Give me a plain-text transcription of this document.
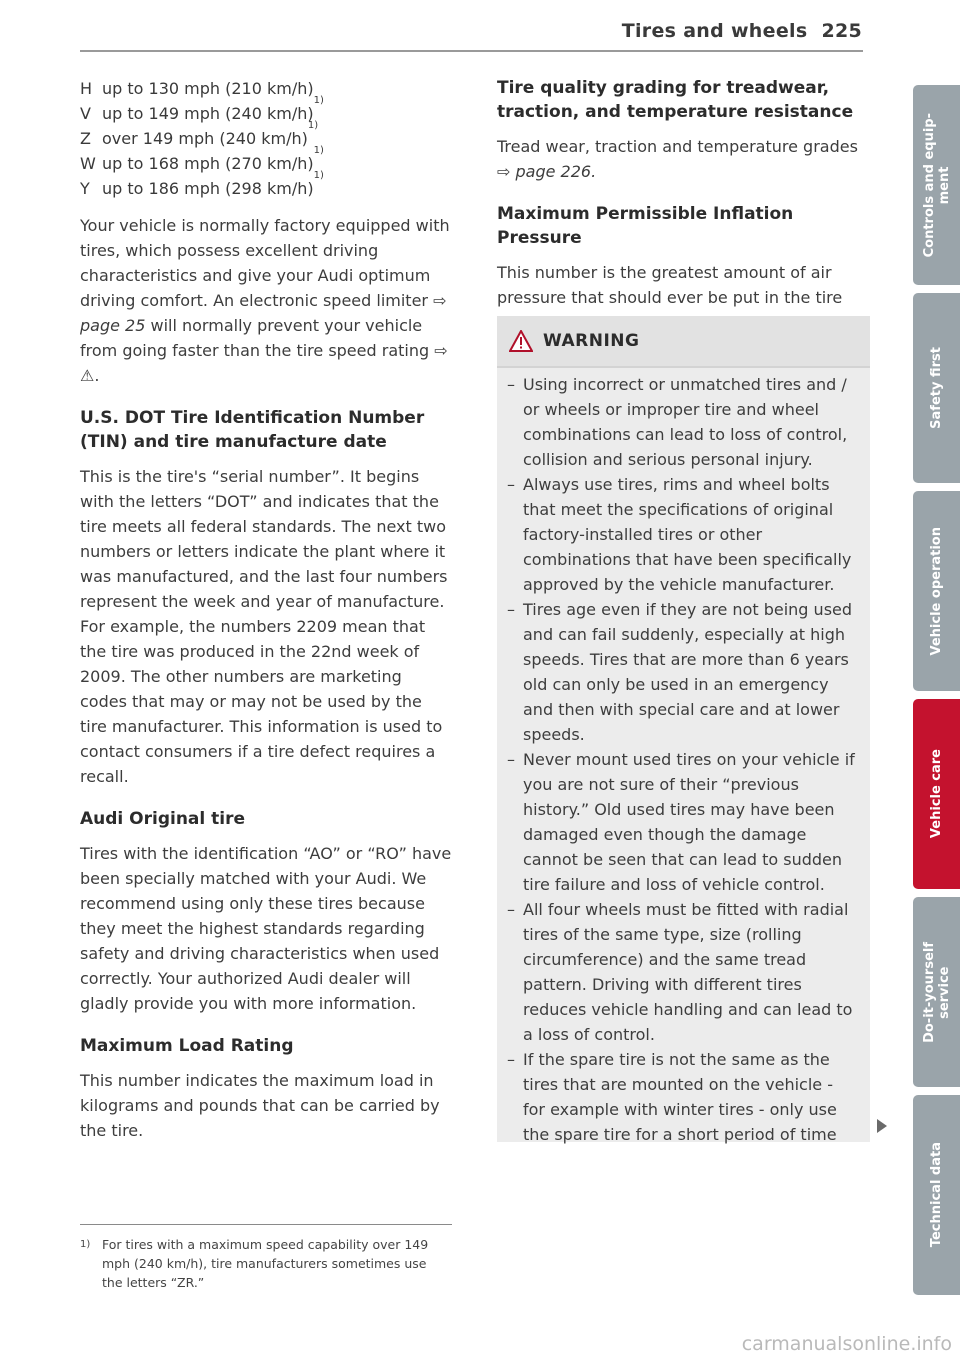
Tires and wheels 225
H up to 130 mph (210 km/h)
V up to 149 mph (240 km/h)
1)
Z over 149 mph (240 km/h)
1)
W up to 168 mph (270 km/h)
1)
Y up to 186 mph (298 km/h)
1)

Your vehicle is normally factory equipped with tires, which possess excellent driving characteristics and give your Audi optimum driving comfort. An electronic speed limiter ⇨ page 25 will normally prevent your vehicle from going faster than the tire speed rating ⇨ ⚠.

U.S. DOT Tire Identification Number (TIN) and tire manufacture date

This is the tire's “serial number”. It begins with the letters “DOT” and indicates that the tire meets all federal standards. The next two numbers or letters indicate the plant where it was manufactured, and the last four numbers represent the week and year of manufacture. For example, the numbers 2209 mean that the tire was produced in the 22nd week of 2009. The other numbers are marketing codes that may or may not be used by the tire manufacturer. This information is used to contact consumers if a tire defect requires a recall.

Audi Original tire

Tires with the identification “AO” or “RO” have been specially matched with your Audi. We recommend using only these tires because they meet the highest standards regarding safety and driving characteristics when used correctly. Your authorized Audi dealer will gladly provide you with more information.

Maximum Load Rating

This number indicates the maximum load in kilograms and pounds that can be carried by the tire.

1) For tires with a maximum speed capability over 149 mph (240 km/h), tire manufacturers sometimes use the letters “ZR.”
Tire quality grading for treadwear, traction, and temperature resistance

Tread wear, traction and temperature grades
⇨ page 226.

Maximum Permissible Inflation Pressure

This number is the greatest amount of air pressure that should ever be put in the tire

WARNING
– Using incorrect or unmatched tires and / or wheels or improper tire and wheel combinations can lead to loss of control, collision and serious personal injury.
– Always use tires, rims and wheel bolts that meet the specifications of original factory-installed tires or other combinations that have been specifically approved by the vehicle manufacturer.
– Tires age even if they are not being used and can fail suddenly, especially at high speeds. Tires that are more than 6 years old can only be used in an emergency and then with special care and at lower speeds.
– Never mount used tires on your vehicle if you are not sure of their “previous history.” Old used tires may have been damaged even though the damage cannot be seen that can lead to sudden tire failure and loss of vehicle control.
– All four wheels must be fitted with radial tires of the same type, size (rolling circumference) and the same tread pattern. Driving with different tires reduces vehicle handling and can lead to a loss of control.
– If the spare tire is not the same as the tires that are mounted on the vehicle - for example with winter tires - only use the spare tire for a short period of time
Controls and equip-
ment
Safety first
Vehicle operation
Vehicle care
Do-it-yourself
service
Technical data
carmanualsonline.info
